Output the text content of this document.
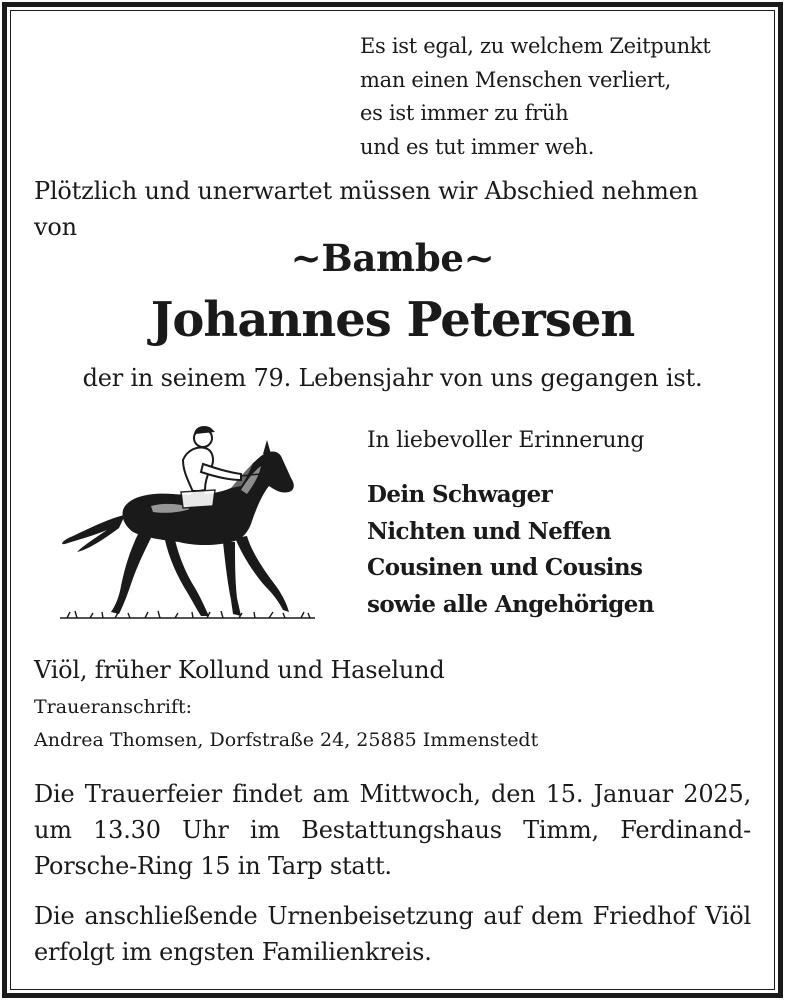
Es ist egal, zu welchem Zeitpunkt
man einen Menschen verliert,
es ist immer zu früh
und es tut immer weh.
Plötzlich und unerwartet müssen wir Abschied nehmen
von
~Bambe~
Johannes Petersen
der in seinem 79. Lebensjahr von uns gegangen ist.
In liebevoller Erinnerung
Dein Schwager
Nichten und Neffen
Cousinen und Cousins
sowie alle Angehörigen
Viöl, früher Kollund und Haselund
Traueranschrift:
Andrea Thomsen, Dorfstraße 24, 25885 Immenstedt
Die Trauerfeier findet am Mittwoch, den 15. Januar 2025, um 13.30 Uhr im Bestattungshaus Timm, Ferdinand-Porsche-Ring 15 in Tarp statt.
Die anschließende Urnenbeisetzung auf dem Friedhof Viöl erfolgt im engsten Familienkreis.
